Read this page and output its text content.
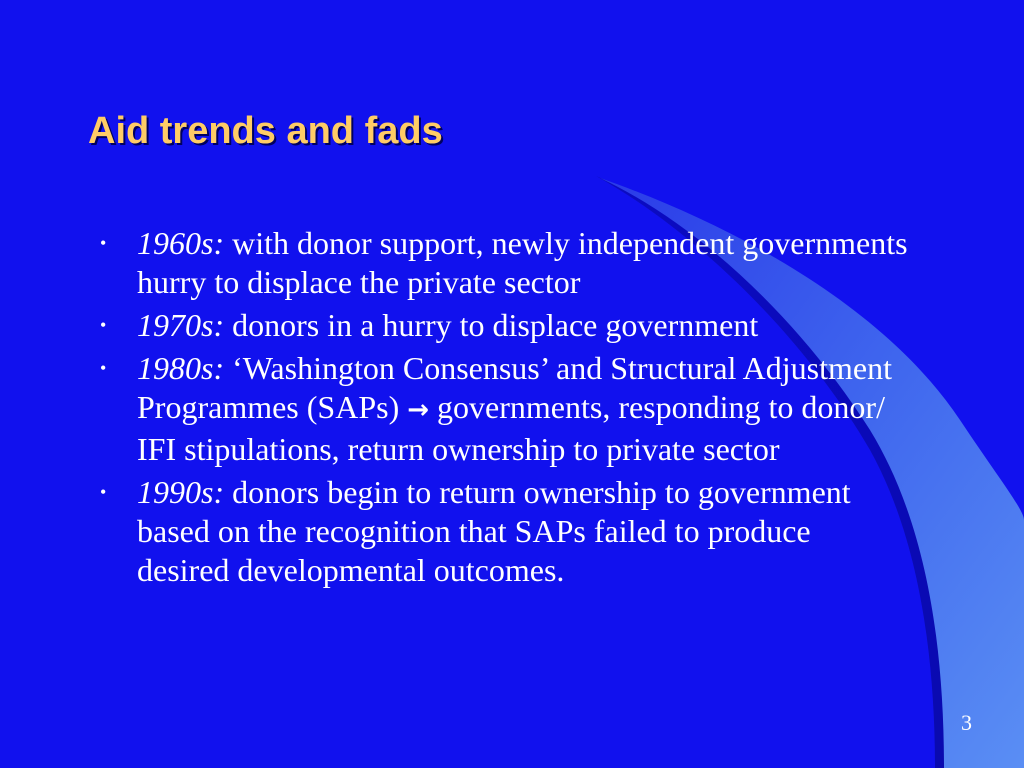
Aid trends and fads
• 1960s: with donor support, newly independent governments hurry to displace the private sector
• 1970s: donors in a hurry to displace government
• 1980s: ‘Washington Consensus’ and Structural Adjustment Programmes (SAPs) → governments, responding to donor/ IFI stipulations, return ownership to private sector
• 1990s: donors begin to return ownership to government based on the recognition that SAPs failed to produce desired developmental outcomes.
3
